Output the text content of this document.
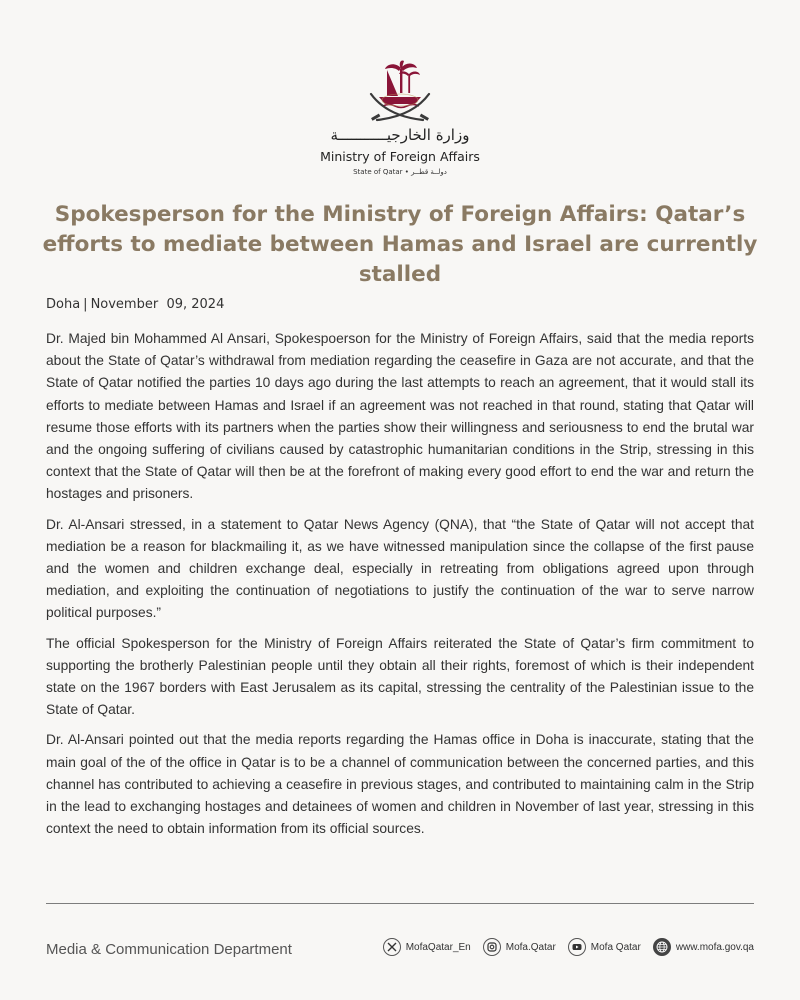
وزارة الخارجيـــــــــــة
Ministry of Foreign Affairs
State of Qatar • دولــة قطــر
Spokesperson for the Ministry of Foreign Affairs: Qatar’s efforts to mediate between Hamas and Israel are currently stalled
Doha | November  09, 2024

Dr. Majed bin Mohammed Al Ansari, Spokespoerson for the Ministry of Foreign Affairs, said that the media reports about the State of Qatar’s withdrawal from mediation regarding the ceasefire in Gaza are not accurate, and that the State of Qatar notified the parties 10 days ago during the last attempts to reach an agreement, that it would stall its efforts to mediate between Hamas and Israel if an agreement was not reached in that round, stating that Qatar will resume those efforts with its partners when the parties show their willingness and seriousness to end the brutal war and the ongoing suffering of civilians caused by catastrophic humanitarian conditions in the Strip, stressing in this context that the State of Qatar will then be at the forefront of making every good effort to end the war and return the hostages and prisoners.

Dr. Al-Ansari stressed, in a statement to Qatar News Agency (QNA), that “the State of Qatar will not accept that mediation be a reason for blackmailing it, as we have witnessed manipulation since the collapse of the first pause and the women and children exchange deal, especially in retreating from obligations agreed upon through mediation, and exploiting the continuation of negotiations to justify the continuation of the war to serve narrow political purposes.”

The official Spokesperson for the Ministry of Foreign Affairs reiterated the State of Qatar’s firm commitment to supporting the brotherly Palestinian people until they obtain all their rights, foremost of which is their independent state on the 1967 borders with East Jerusalem as its capital, stressing the centrality of the Palestinian issue to the State of Qatar.

Dr. Al-Ansari pointed out that the media reports regarding the Hamas office in Doha is inaccurate, stating that the main goal of the of the office in Qatar is to be a channel of communication between the concerned parties, and this channel has contributed to achieving a ceasefire in previous stages, and contributed to maintaining calm in the Strip in the lead to exchanging hostages and detainees of women and children in November of last year, stressing in this context the need to obtain information from its official sources.

Media & Communication Department	MofaQatar_En	Mofa.Qatar	Mofa Qatar	www.mofa.gov.qa
